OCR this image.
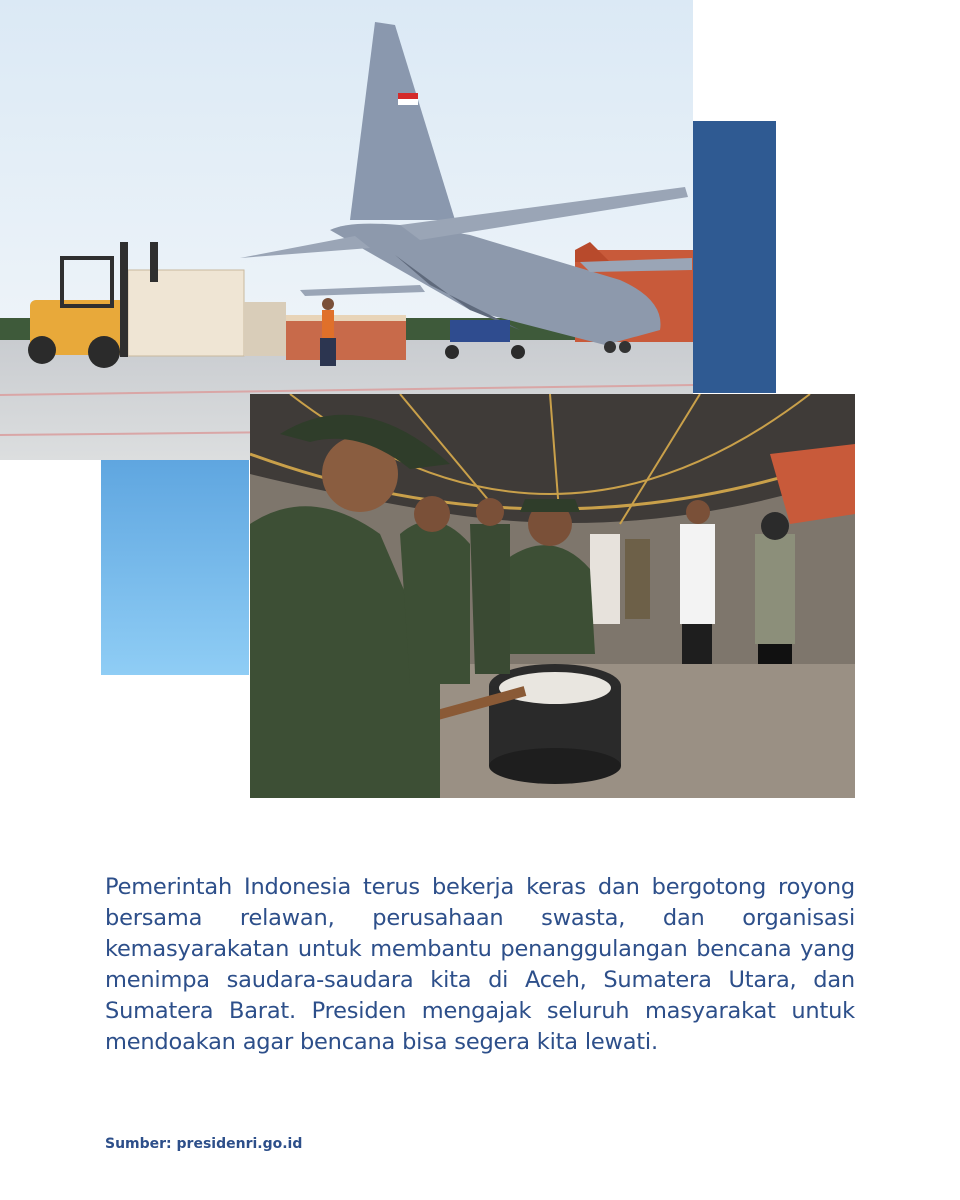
Pemerintah Indonesia terus bekerja keras dan bergotong royong bersama relawan, perusahaan swasta, dan organisasi kemasyarakatan untuk membantu penanggulangan bencana yang menimpa saudara-saudara kita di Aceh, Sumatera Utara, dan Sumatera Barat. Presiden mengajak seluruh masyarakat untuk mendoakan agar bencana bisa segera kita lewati.

Sumber: presidenri.go.id
